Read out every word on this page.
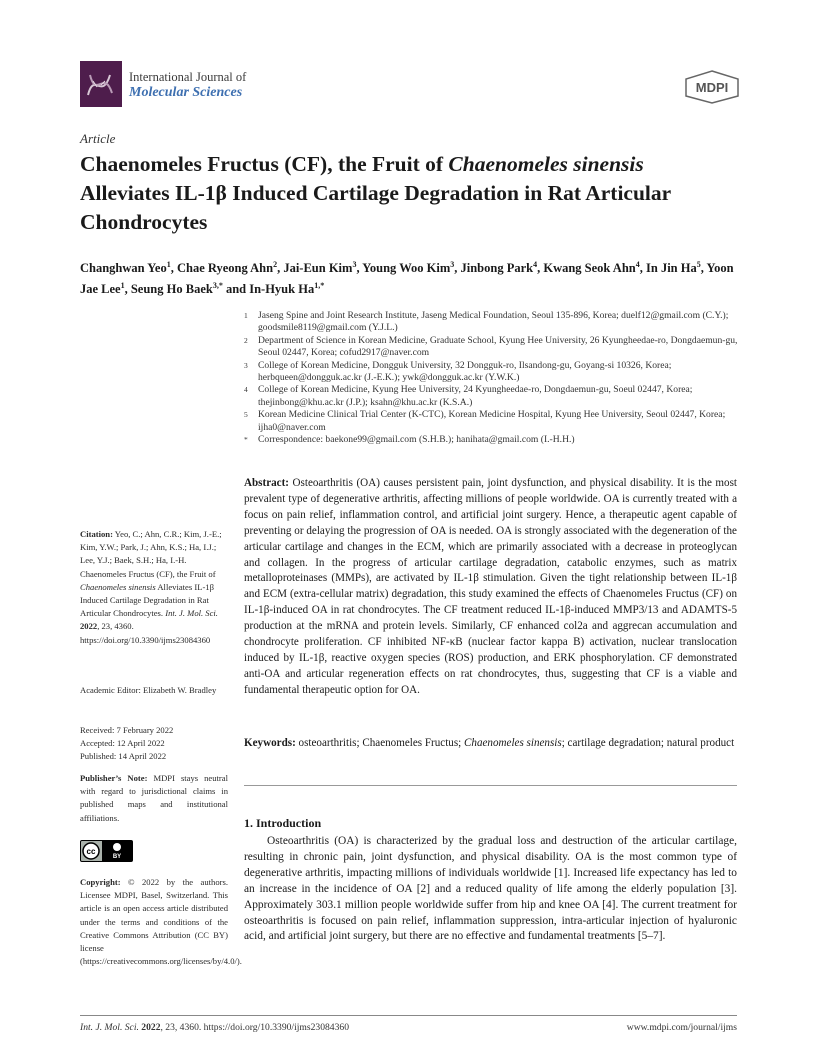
International Journal of
Molecular Sciences	MDPI
Article
Chaenomeles Fructus (CF), the Fruit of Chaenomeles sinensis
Alleviates IL-1β Induced Cartilage Degradation in Rat Articular Chondrocytes
Changhwan Yeo$^1$, Chae Ryeong Ahn$^2$, Jai-Eun Kim$^3$, Young Woo Kim$^3$, Jinbong Park$^4$, Kwang Seok Ahn$^4$, In Jin Ha$^5$, Yoon Jae Lee$^1$, Seung Ho Baek$^{3,*}$ and In-Hyuk $Ha^{1,*}$
1 Jaseng Spine and Joint Research Institute, Jaseng Medical Foundation, Seoul 135-896, Korea; duelf12@gmail.com (C.Y.); goodsmile8119@gmail.com (Y.J.L.)
2 Department of Science in Korean Medicine, Graduate School, Kyung Hee University, 26 Kyungheedae-ro, Dongdaemun-gu, Seoul 02447, Korea; cofud2917@naver.com
3 College of Korean Medicine, Dongguk University, 32 Dongguk-ro, Ilsandong-gu, Goyang-si 10326, Korea; herbqueen@dongguk.ac.kr (J.-E.K.); ywk@dongguk.ac.kr (Y.W.K.)
4 College of Korean Medicine, Kyung Hee University, 24 Kyungheedae-ro, Dongdaemun-gu, Soeul 02447, Korea; thejinbong@khu.ac.kr (J.P.); ksahn@khu.ac.kr (K.S.A.)
5 Korean Medicine Clinical Trial Center (K-CTC), Korean Medicine Hospital, Kyung Hee University, Seoul 02447, Korea; ijha0@naver.com
* Correspondence: baekone99@gmail.com (S.H.B.); hanihata@gmail.com (I.-H.H.)
Abstract: Osteoarthritis (OA) causes persistent pain, joint dysfunction, and physical disability. It is the most prevalent type of degenerative arthritis, affecting millions of people worldwide. OA is currently treated with a focus on pain relief, inflammation control, and artificial joint surgery. Hence, a therapeutic agent capable of preventing or delaying the progression of OA is needed. OA is strongly associated with the degeneration of the articular cartilage and changes in the ECM, which are primarily associated with a decrease in proteoglycan and collagen. In the progress of articular cartilage degradation, catabolic enzymes, such as matrix metalloproteinases (MMPs), are activated by IL-1β stimulation. Given the tight relationship between IL-1β and ECM (extra-cellular matrix) degradation, this study examined the effects of Chaenomeles Fructus (CF) on IL-1β-induced OA in rat chondrocytes. The CF treatment reduced IL-1β-induced MMP3/13 and ADAMTS-5 production at the mRNA and protein levels. Similarly, CF enhanced col2a and aggrecan accumulation and chondrocyte proliferation. CF inhibited NF-κB (nuclear factor kappa B) activation, nuclear translocation induced by IL-1β, reactive oxygen species (ROS) production, and ERK phosphorylation. CF demonstrated anti-OA and articular regeneration effects on rat chondrocytes, thus, suggesting that CF is a viable and fundamental therapeutic option for OA.
Keywords: osteoarthritis; Chaenomeles Fructus; Chaenomeles sinensis; cartilage degradation; natural product
1. Introduction
Osteoarthritis (OA) is characterized by the gradual loss and destruction of the articular cartilage, resulting in chronic pain, joint dysfunction, and physical disability. OA is the most common type of degenerative arthritis, impacting millions of individuals worldwide [1]. Increased life expectancy has led to an increase in the incidence of OA [2] and a reduced quality of life among the elderly population [3]. Approximately 303.1 million people worldwide suffer from hip and knee OA [4]. The current treatment for osteoarthritis is focused on pain relief, inflammation suppression, intra-articular injection of hyaluronic acid, and artificial joint surgery, but there are no effective and fundamental treatments [5–7].
Citation: Yeo, C.; Ahn, C.R.; Kim, J.-E.; Kim, Y.W.; Park, J.; Ahn, K.S.; Ha, I.J.; Lee, Y.J.; Baek, S.H.; Ha, I.-H. Chaenomeles Fructus (CF), the Fruit of Chaenomeles sinensis Alleviates IL-1β Induced Cartilage Degradation in Rat Articular Chondrocytes. Int. J. Mol. Sci. 2022, 23, 4360. https://doi.org/10.3390/ijms23084360
Academic Editor: Elizabeth W. Bradley
Received: 7 February 2022
Accepted: 12 April 2022
Published: 14 April 2022
Publisher’s Note: MDPI stays neutral with regard to jurisdictional claims in published maps and institutional affiliations.
cc
BY
Copyright: © 2022 by the authors. Licensee MDPI, Basel, Switzerland. This article is an open access article distributed under the terms and conditions of the Creative Commons Attribution (CC BY) license (https://creativecommons.org/licenses/by/4.0/).
Int. J. Mol. Sci. 2022, 23, 4360. https://doi.org/10.3390/ijms23084360	www.mdpi.com/journal/ijms
